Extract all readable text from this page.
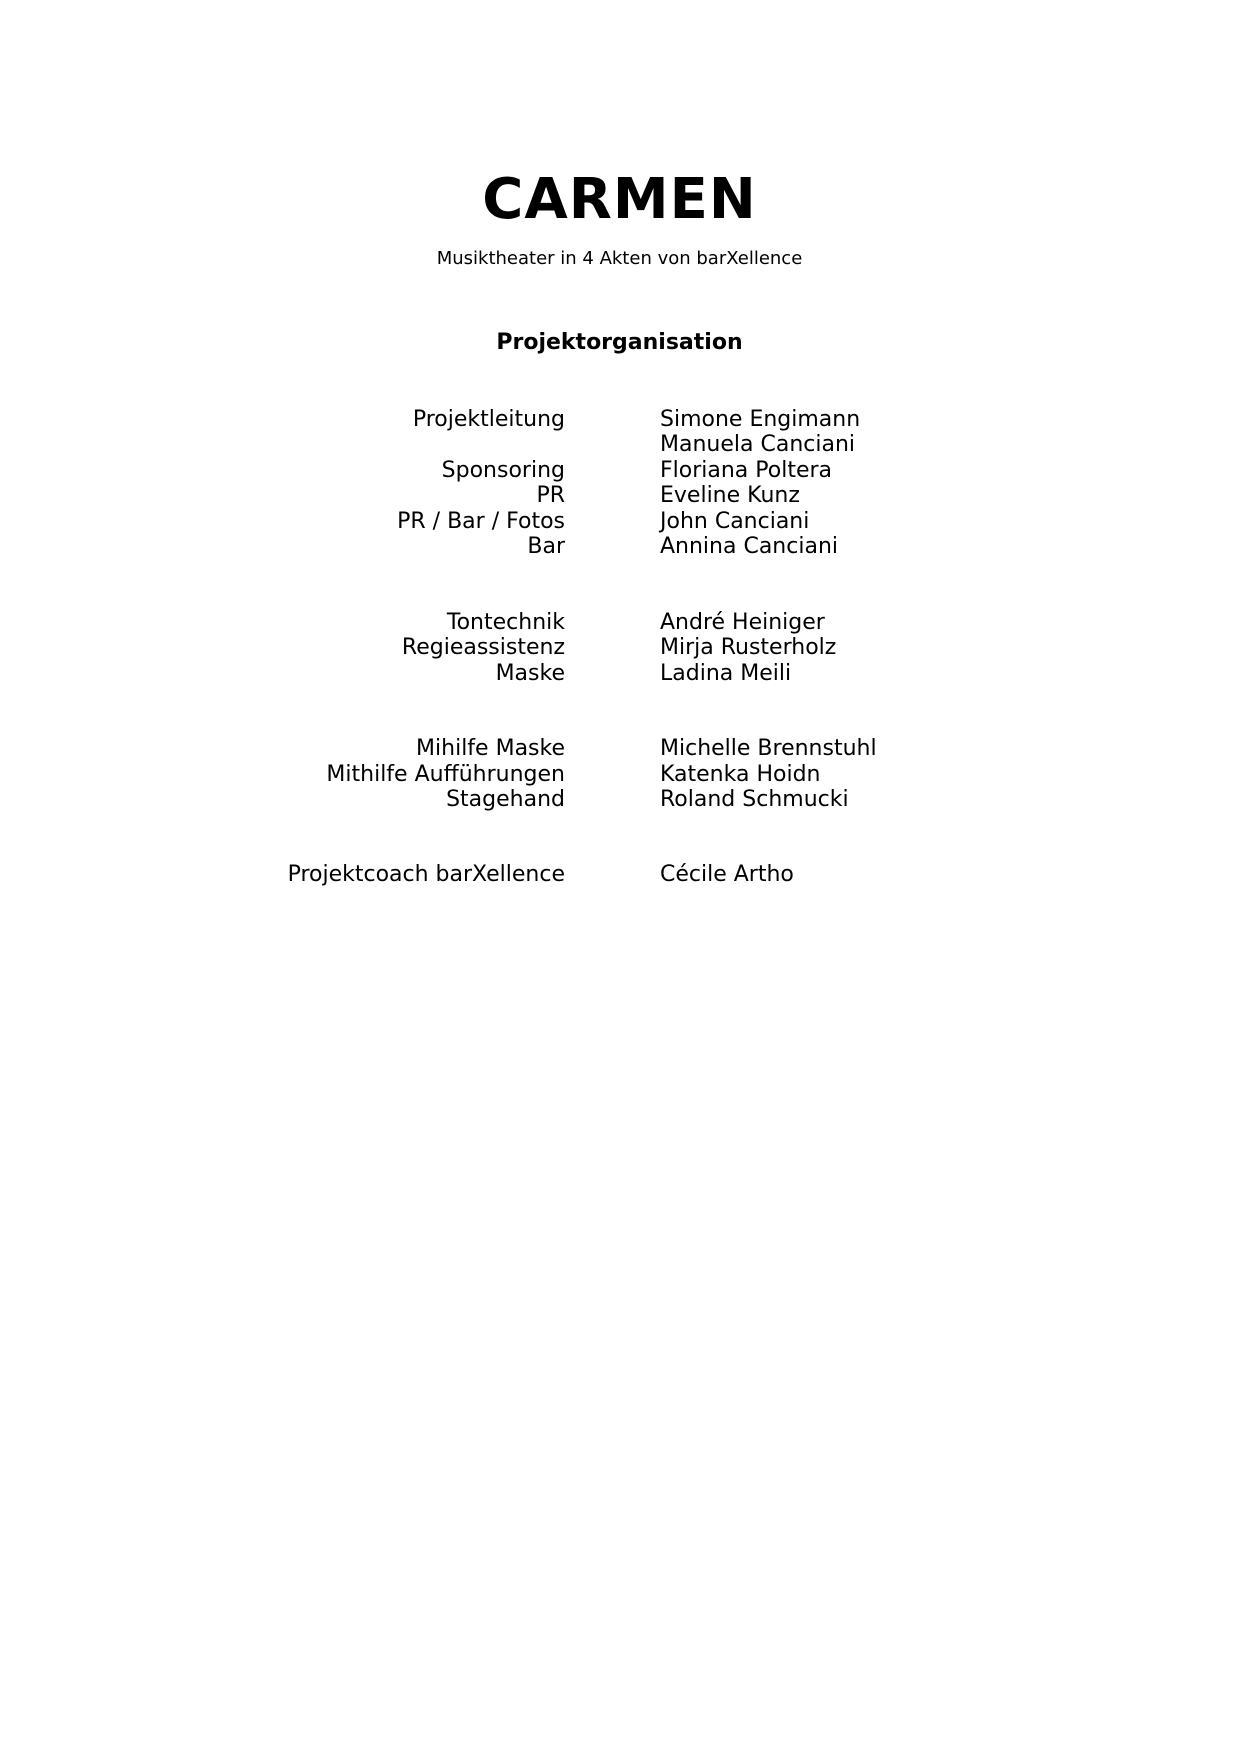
CARMEN
Musiktheater in 4 Akten von barXellence
Projektorganisation
Projektleitung	Simone Engimann
Manuela Canciani
Sponsoring	Floriana Poltera
PR	Eveline Kunz
PR / Bar / Fotos	John Canciani
Bar	Annina Canciani
Tontechnik	André Heiniger
Regieassistenz	Mirja Rusterholz
Maske	Ladina Meili
Mihilfe Maske	Michelle Brennstuhl
Mithilfe Aufführungen	Katenka Hoidn
Stagehand	Roland Schmucki
Projektcoach barXellence	Cécile Artho
